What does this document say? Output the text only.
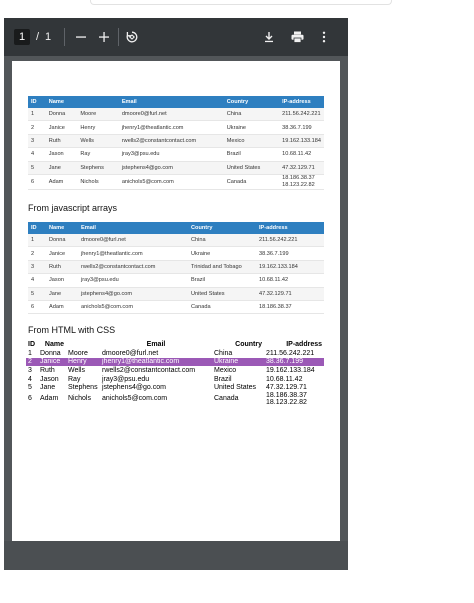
1 / 1
ID	Name		Email	Country	IP-address
1	Donna	Moore	dmoore0@furl.net	China	211.56.242.221
2	Janice	Henry	jhenry1@theatlantic.com	Ukraine	38.36.7.199
3	Ruth	Wells	rwells2@constantcontact.com	Mexico	19.162.133.184
4	Jason	Ray	jray3@psu.edu	Brazil	10.68.11.42
5	Jane	Stephens	jstephens4@go.com	United States	47.32.129.71
6	Adam	Nichols	anichols5@com.com	Canada	18.186.38.37
18.123.22.82
From javascript arrays
ID	Name	Email	Country	IP-address
1	Donna	dmoore0@furl.net	China	211.56.242.221
2	Janice	jhenry1@theatlantic.com	Ukraine	38.36.7.199
3	Ruth	rwells2@constantcontact.com	Trinidad and Tobago	19.162.133.184
4	Jason	jray3@psu.edu	Brazil	10.68.11.42
5	Jane	jstephens4@go.com	United States	47.32.129.71
6	Adam	anichols5@com.com	Canada	18.186.38.37
From HTML with CSS
ID	Name		Email	Country	IP-address
1	Donna	Moore	dmoore0@furl.net	China	211.56.242.221
2	Janice	Henry	jhenry1@theatlantic.com	Ukraine	38.36.7.199
3	Ruth	Wells	rwells2@constantcontact.com	Mexico	19.162.133.184
4	Jason	Ray	jray3@psu.edu	Brazil	10.68.11.42
5	Jane	Stephens	jstephens4@go.com	United States	47.32.129.71
6	Adam	Nichols	anichols5@com.com	Canada	18.186.38.37
18.123.22.82
